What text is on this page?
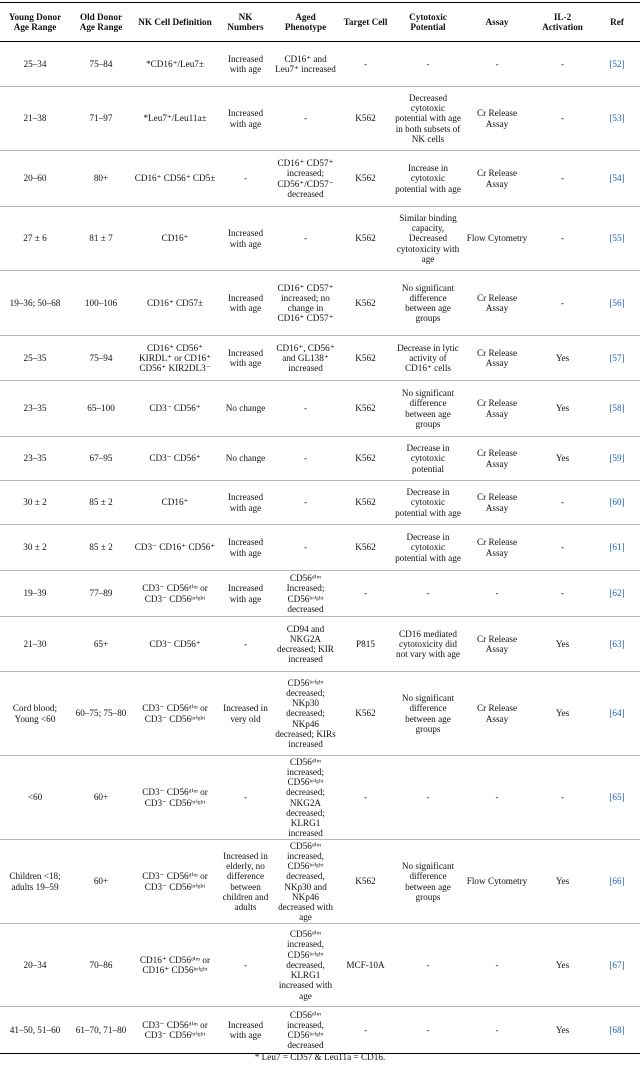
Young Donor Age Range	Old Donor Age Range	NK Cell Definition	NK Numbers	Aged Phenotype	Target Cell	Cytotoxic Potential	Assay	IL-2 Activation	Ref
25–34	75–84	*CD16⁺/Leu7±	Increased with age	CD16⁺ and Leu7⁺ increased	-	-	-	-	[52]
21–38	71–97	*Leu7⁺/Leu11a±	Increased with age	-	K562	Decreased cytotoxic potential with age in both subsets of NK cells	Cr Release Assay	-	[53]
20–60	80+	CD16⁺ CD56⁺ CD5±	-	CD16⁺ CD57⁺ increased; CD56⁺/CD57⁻ decreased	K562	Increase in cytotoxic potential with age	Cr Release Assay	-	[54]
27 ± 6	81 ± 7	CD16⁺	Increased with age	-	K562	Similar binding capacity, Decreased cytotoxicity with age	Flow Cytometry	-	[55]
19–36; 50–68	100–106	CD16⁺ CD57±	Increased with age	CD16⁺ CD57⁺ increased; no change in CD16⁺ CD57⁺	K562	No significant difference between age groups	Cr Release Assay	-	[56]
25–35	75–94	CD16⁺ CD56⁺ KIRDL⁺ or CD16⁺ CD56⁺ KIR2DL3⁻	Increased with age	CD16⁺, CD56⁺ and GL138⁺ increased	K562	Decrease in lytic activity of CD16⁺ cells	Cr Release Assay	Yes	[57]
23–35	65–100	CD3⁻ CD56⁺	No change	-	K562	No significant difference between age groups	Cr Release Assay	Yes	[58]
23–35	67–95	CD3⁻ CD56⁺	No change	-	K562	Decrease in cytotoxic potential	Cr Release Assay	Yes	[59]
30 ± 2	85 ± 2	CD16⁺	Increased with age	-	K562	Decrease in cytotoxic potential with age	Cr Release Assay	-	[60]
30 ± 2	85 ± 2	CD3⁻ CD16⁺ CD56⁺	Increased with age	-	K562	Decrease in cytotoxic potential with age	Cr Release Assay	-	[61]
19–39	77–89	CD3⁻ CD56ᵈⁱᵐ or CD3⁻ CD56ᵇʳⁱᵍʰᵗ	Increased with age	CD56ᵈⁱᵐ Increased; CD56ᵇʳⁱᵍʰᵗ decreased	-	-	-	-	[62]
21–30	65+	CD3⁻ CD56⁺	-	CD94 and NKG2A decreased; KIR increased	P815	CD16 mediated cytotoxicity did not vary with age	Cr Release Assay	Yes	[63]
Cord blood; Young <60	60–75; 75–80	CD3⁻ CD56ᵈⁱᵐ or CD3⁻ CD56ᵇʳⁱᵍʰᵗ	Increased in very old	CD56ᵇʳⁱᵍʰᵗ decreased; NKp30 decreased; NKp46 decreased; KIRs increased	K562	No significant difference between age groups	Cr Release Assay	Yes	[64]
<60	60+	CD3⁻ CD56ᵈⁱᵐ or CD3⁻ CD56ᵇʳⁱᵍʰᵗ	-	CD56ᵈⁱᵐ increased; CD56ᵇʳⁱᵍʰᵗ decreased; NKG2A decreased; KLRG1 increased	-	-	-	-	[65]
Children <18; adults 19–59	60+	CD3⁻ CD56ᵈⁱᵐ or CD3⁻ CD56ᵇʳⁱᵍʰᵗ	Increased in elderly, no difference between children and adults	CD56ᵈⁱᵐ increased, CD56ᵇʳⁱᵍʰᵗ decreased, NKp30 and NKp46 decreased with age	K562	No significant difference between age groups	Flow Cytometry	Yes	[66]
20–34	70–86	CD16⁺ CD56ᵈⁱᵐ or CD16⁺ CD56ᵇʳⁱᵍʰᵗ	-	CD56ᵈⁱᵐ increased, CD56ᵇʳⁱᵍʰᵗ decreased, KLRG1 increased with age	MCF-10A	-	-	Yes	[67]
41–50, 51–60	61–70, 71–80	CD3⁻ CD56ᵈⁱᵐ or CD3⁻ CD56ᵇʳⁱᵍʰᵗ	Increased with age	CD56ᵈⁱᵐ increased, CD56ᵇʳⁱᵍʰᵗ decreased	-	-	-	Yes	[68]
* Leu7 = CD57 & Leu11a = CD16.
